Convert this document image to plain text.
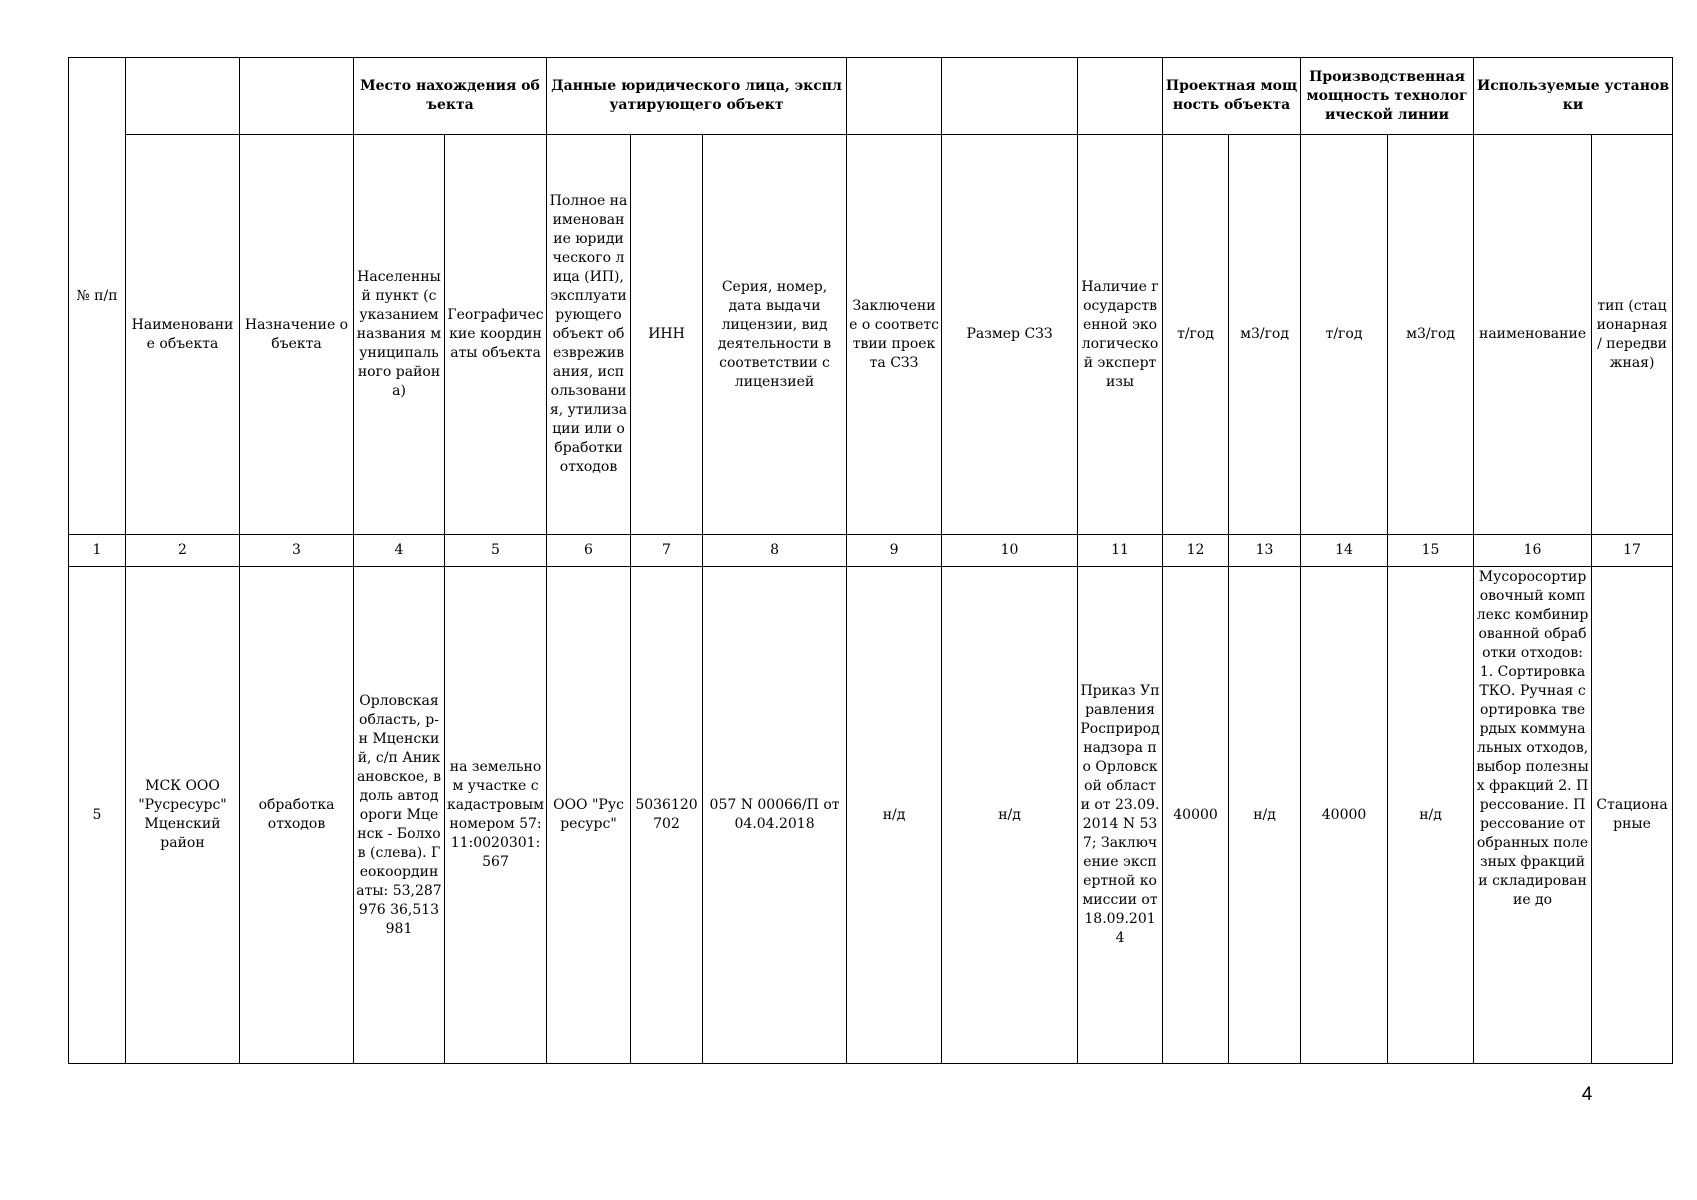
№ п/п			Место нахождения объекта		Данные юридического лица, эксплуатирующего объект						Проектная мощность объекта		Производственная мощность технологической линии		Используемые установки	
	Наименование объекта	Назначение объекта	Населенный пункт (с указанием названия муниципального района)	Географические координаты объекта	Полное наименование юридического лица (ИП), эксплуатирующего объект обезвреживания, использования, утилизации или обработки отходов	ИНН	Серия, номер, дата выдачи лицензии, вид деятельности в соответствии с лицензией	Заключение о соответствии проекта СЗЗ	Размер СЗЗ	Наличие государственной экологической экспертизы	т/год	м3/год	т/год	м3/год	наименование	тип (стационарная / передвижная)
1	2	3	4	5	6	7	8	9	10	11	12	13	14	15	16	17
5	МСК ООО "Русресурс" Мценский район	обработка отходов	Орловская область, р-н Мценский, с/п Аникановское, вдоль автодороги Мценск - Болхов (слева). Геокоординаты: 53,287976 36,513981	на земельном участке с кадастровым номером 57:11:0020301:567	ООО "Русресурс"	5036120702	057 N 00066/П от 04.04.2018	н/д	н/д	Приказ Управления Росприроднадзора по Орловской области от 23.09.2014 N 537; Заключение экспертной комиссии от 18.09.2014	40000	н/д	40000	н/д	Мусоросортировочный комплекс комбинированной обработки отходов: 1. Сортировка ТКО. Ручная сортировка твердых коммунальных отходов, выбор полезных фракций 2. Прессование. Прессование отобранных полезных фракций и складирование до	Стационарные
4
